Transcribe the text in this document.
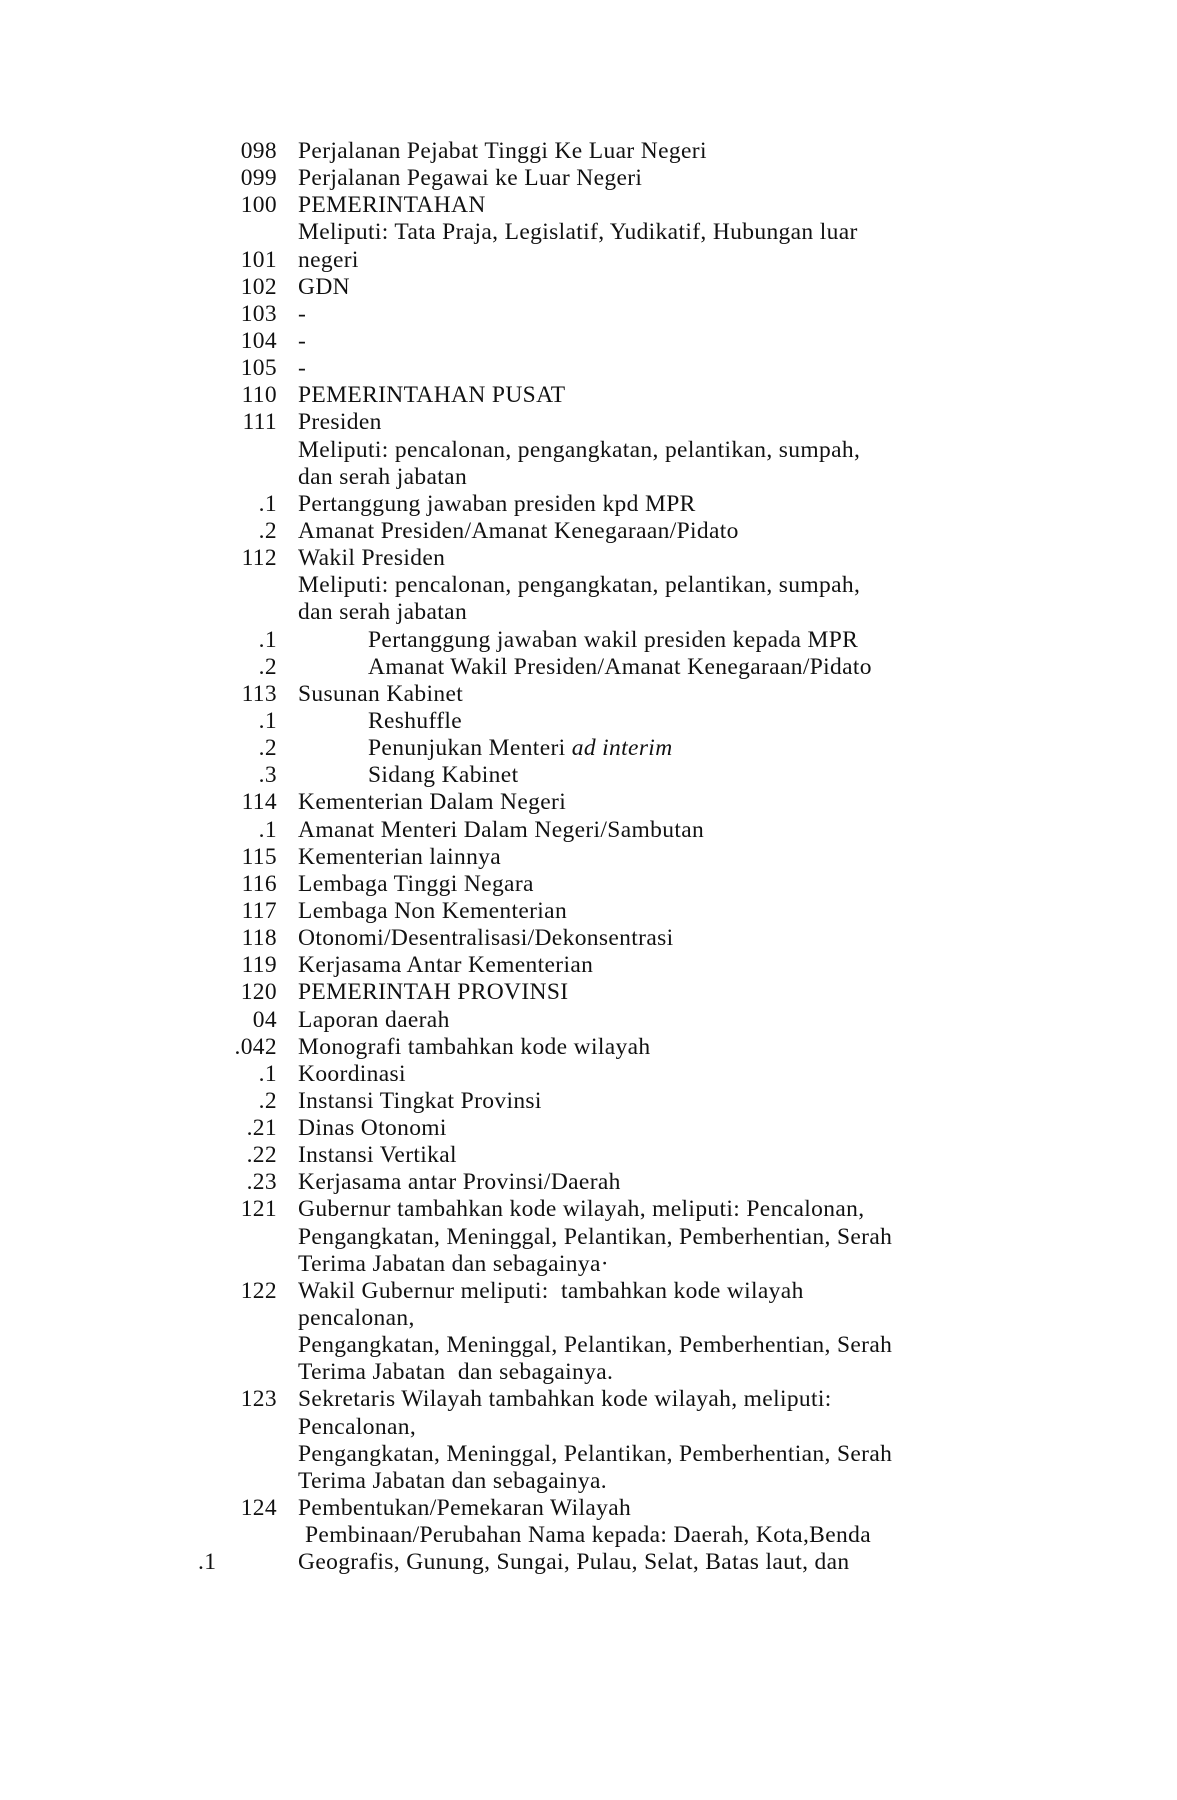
098 Perjalanan Pejabat Tinggi Ke Luar Negeri
099 Perjalanan Pegawai ke Luar Negeri
100 PEMERINTAHAN
Meliputi: Tata Praja, Legislatif, Yudikatif, Hubungan luar
101 negeri
102 GDN
103 -
104 -
105 -
110 PEMERINTAHAN PUSAT
111 Presiden
Meliputi: pencalonan, pengangkatan, pelantikan, sumpah,
dan serah jabatan
.1 Pertanggung jawaban presiden kpd MPR
.2 Amanat Presiden/Amanat Kenegaraan/Pidato
112 Wakil Presiden
Meliputi: pencalonan, pengangkatan, pelantikan, sumpah,
dan serah jabatan
.1	Pertanggung jawaban wakil presiden kepada MPR
.2	Amanat Wakil Presiden/Amanat Kenegaraan/Pidato
113 Susunan Kabinet
.1	Reshuffle
.2	Penunjukan Menteri ad interim
.3	Sidang Kabinet
114 Kementerian Dalam Negeri
.1 Amanat Menteri Dalam Negeri/Sambutan
115 Kementerian lainnya
116 Lembaga Tinggi Negara
117 Lembaga Non Kementerian
118 Otonomi/Desentralisasi/Dekonsentrasi
119 Kerjasama Antar Kementerian
120 PEMERINTAH PROVINSI
04 Laporan daerah
.042 Monografi tambahkan kode wilayah
.1 Koordinasi
.2 Instansi Tingkat Provinsi
.21 Dinas Otonomi
.22 Instansi Vertikal
.23 Kerjasama antar Provinsi/Daerah
121 Gubernur tambahkan kode wilayah, meliputi: Pencalonan,
Pengangkatan, Meninggal, Pelantikan, Pemberhentian, Serah
Terima Jabatan dan sebagainya·
122 Wakil Gubernur meliputi:  tambahkan kode wilayah
pencalonan,
Pengangkatan, Meninggal, Pelantikan, Pemberhentian, Serah
Terima Jabatan  dan sebagainya.
123 Sekretaris Wilayah tambahkan kode wilayah, meliputi:
Pencalonan,
Pengangkatan, Meninggal, Pelantikan, Pemberhentian, Serah
Terima Jabatan dan sebagainya.
124 Pembentukan/Pemekaran Wilayah
Pembinaan/Perubahan Nama kepada: Daerah, Kota,Benda
.1	Geografis, Gunung, Sungai, Pulau, Selat, Batas laut, dan
